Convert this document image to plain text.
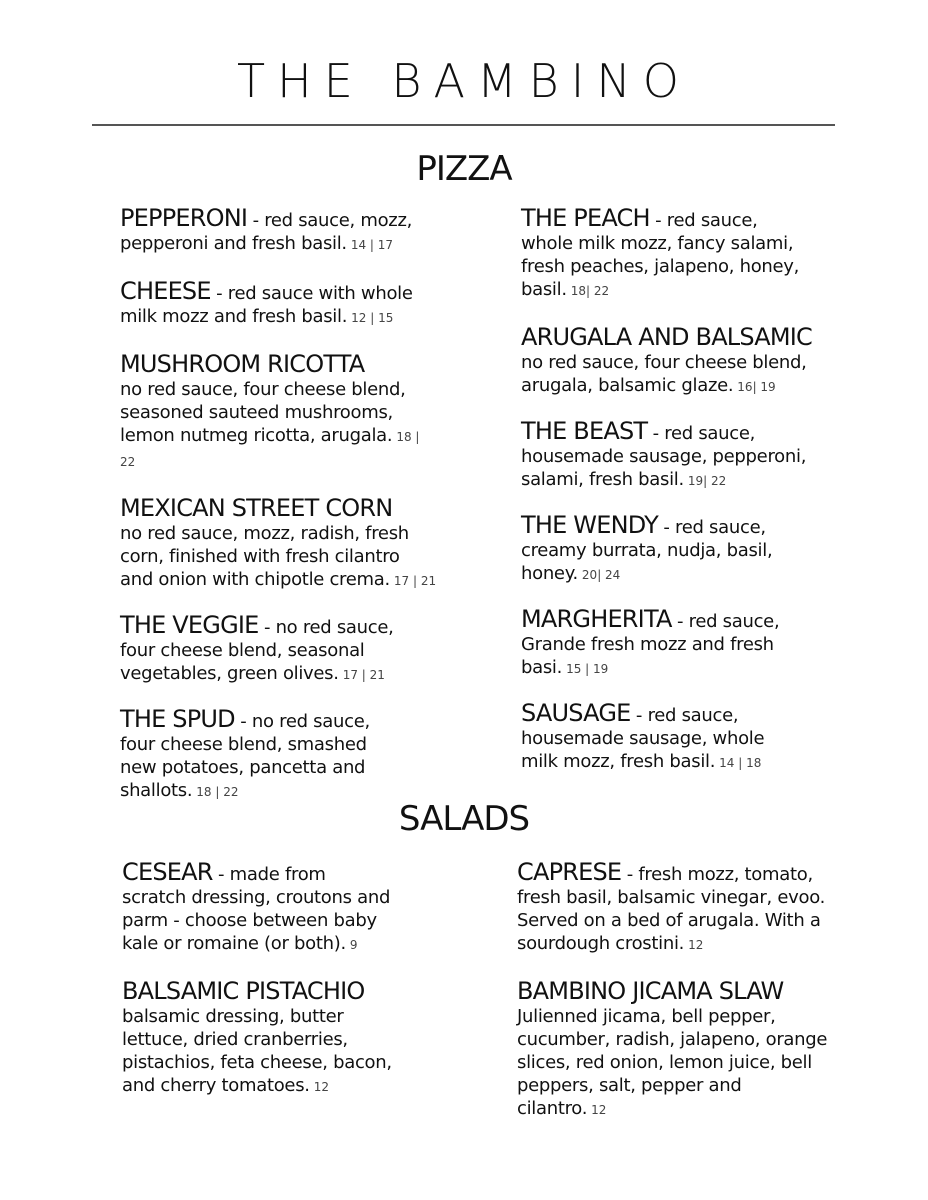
THE BAMBINO
PIZZA

PEPPERONI - red sauce, mozz, pepperoni and fresh basil. 14 | 17

CHEESE - red sauce with whole milk mozz and fresh basil. 12 | 15

MUSHROOM RICOTTA

no red sauce, four cheese blend, seasoned sauteed mushrooms, lemon nutmeg ricotta, arugala. 18 | 22

MEXICAN STREET CORN

no red sauce, mozz, radish, fresh corn, finished with fresh cilantro and onion with chipotle crema. 17 | 21

THE VEGGIE - no red sauce, four cheese blend, seasonal vegetables, green olives. 17 | 21

THE SPUD - no red sauce, four cheese blend, smashed new potatoes, pancetta and shallots. 18 | 22

THE PEACH - red sauce, whole milk mozz, fancy salami, fresh peaches, jalapeno, honey, basil. 18| 22

ARUGALA AND BALSAMIC

no red sauce, four cheese blend, arugala, balsamic glaze. 16| 19

THE BEAST - red sauce, housemade sausage, pepperoni, salami, fresh basil. 19| 22

THE WENDY - red sauce, creamy burrata, nudja, basil, honey. 20| 24

MARGHERITA - red sauce, Grande fresh mozz and fresh basi. 15 | 19

SAUSAGE - red sauce, housemade sausage, whole milk mozz, fresh basil. 14 | 18

SALADS

CESEAR - made from scratch dressing, croutons and parm - choose between baby kale or romaine (or both). 9

BALSAMIC PISTACHIO

balsamic dressing, butter lettuce, dried cranberries, pistachios, feta cheese, bacon, and cherry tomatoes. 12

CAPRESE - fresh mozz, tomato, fresh basil, balsamic vinegar, evoo. Served on a bed of arugala. With a sourdough crostini. 12

BAMBINO JICAMA SLAW

Julienned jicama, bell pepper, cucumber, radish, jalapeno, orange slices, red onion, lemon juice, bell peppers, salt, pepper and cilantro. 12
